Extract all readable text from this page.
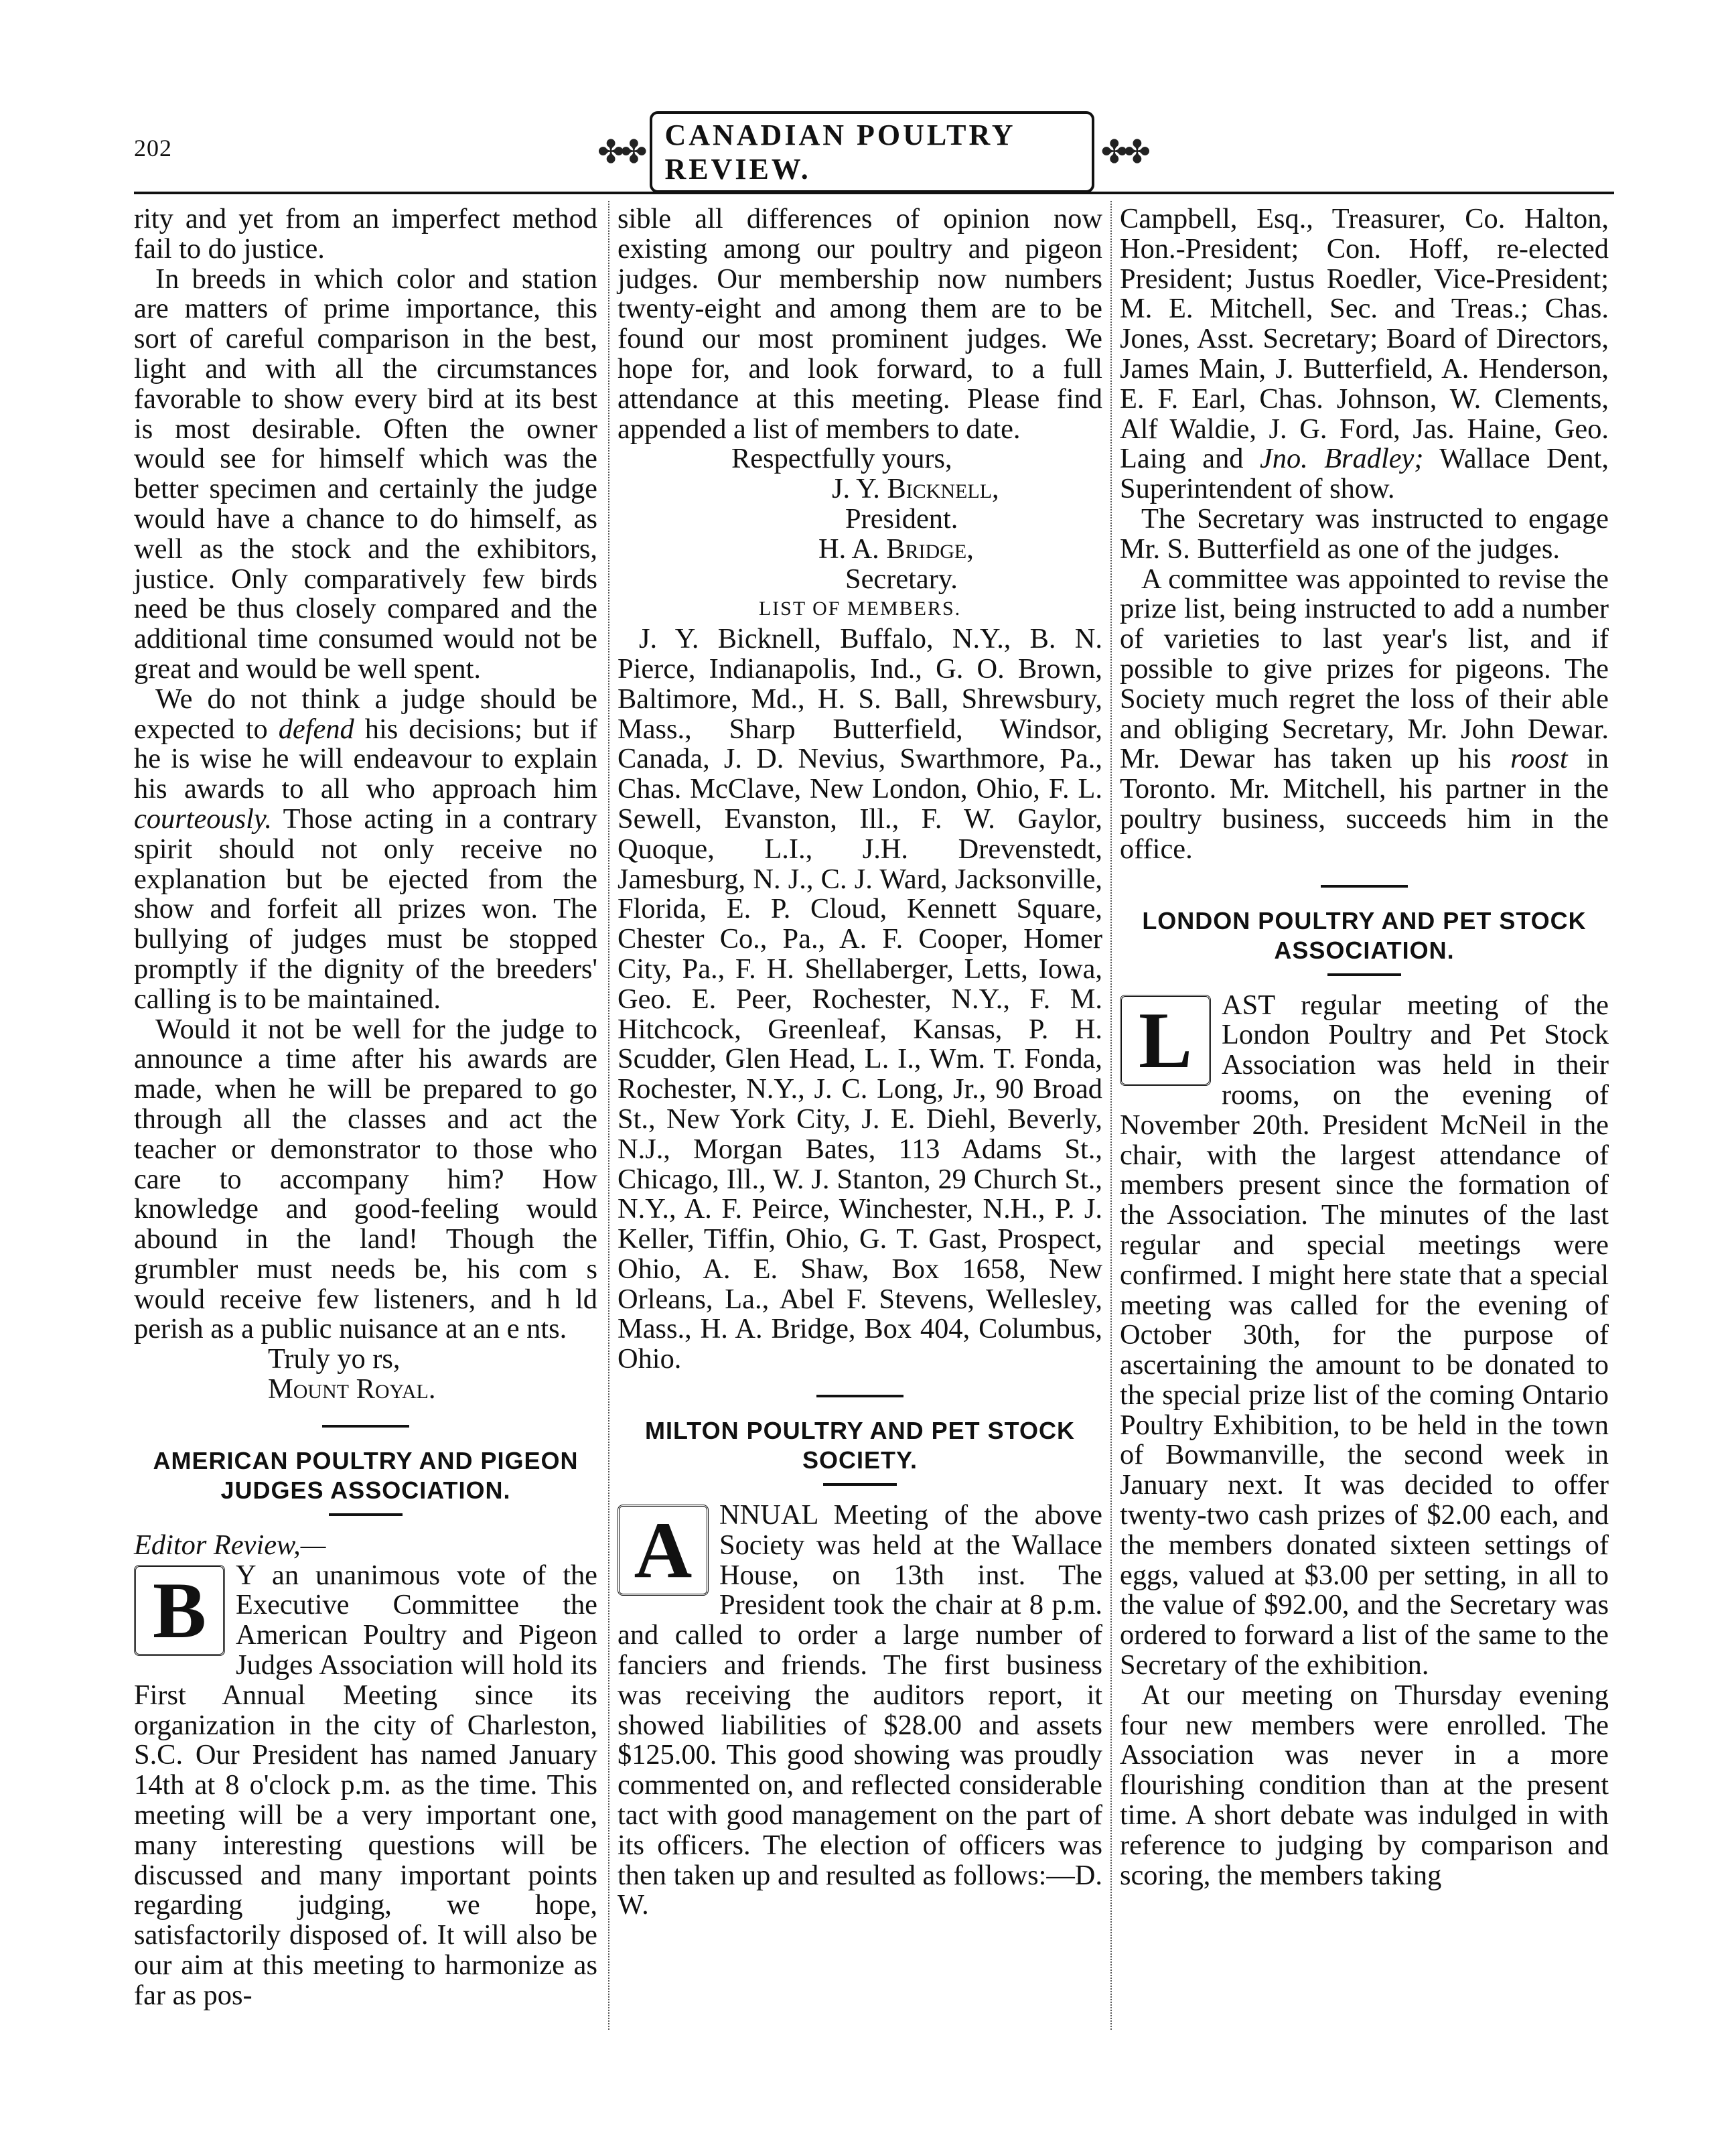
202	✤✤ CANADIAN POULTRY REVIEW.	✤✤

rity and yet from an imperfect method fail to do justice.

In breeds in which color and station are matters of prime importance, this sort of careful comparison in the best, light and with all the circumstances favorable to show every bird at its best is most desirable. Often the owner would see for himself which was the better specimen and certainly the judge would have a chance to do himself, as well as the stock and the exhibitors, justice. Only comparatively few birds need be thus closely compared and the additional time consumed would not be great and would be well spent.

We do not think a judge should be expected to defend his decisions; but if he is wise he will endeavour to explain his awards to all who approach him courteously. Those acting in a contrary spirit should not only receive no explanation but be ejected from the show and forfeit all prizes won. The bullying of judges must be stopped promptly if the dignity of the breeders' calling is to be maintained.

Would it not be well for the judge to announce a time after his awards are made, when he will be prepared to go through all the classes and act the teacher or demonstrator to those who care to accompany him? How knowledge and good-feeling would abound in the land! Though the grumbler must needs be, his com s would receive few listeners, and h ld perish as a public nuisance at an e nts.

Truly yo rs,

Mount Royal.

AMERICAN POULTRY AND PIGEON JUDGES ASSOCIATION.

Editor Review,—

B	Y an unanimous vote of the Executive Committee the American Poultry and Pigeon Judges Association will hold its First Annual Meeting since its organization in the city of Charleston, S.C. Our President has named January 14th at 8 o'clock p.m. as the time. This meeting will be a very important one, many interesting questions will be discussed and many important points regarding judging, we hope, satisfactorily disposed of. It will also be our aim at this meeting to harmonize as far as pos-

sible all differences of opinion now existing among our poultry and pigeon judges. Our membership now numbers twenty-eight and among them are to be found our most prominent judges. We hope for, and look forward, to a full attendance at this meeting. Please find appended a list of members to date.

Respectfully yours,

J. Y. Bicknell,

President.

H. A. Bridge,

Secretary.

LIST OF MEMBERS.

J. Y. Bicknell, Buffalo, N.Y., B. N. Pierce, Indianapolis, Ind., G. O. Brown, Baltimore, Md., H. S. Ball, Shrewsbury, Mass., Sharp Butterfield, Windsor, Canada, J. D. Nevius, Swarthmore, Pa., Chas. McClave, New London, Ohio, F. L. Sewell, Evanston, Ill., F. W. Gaylor, Quoque, L.I., J.H. Drevenstedt, Jamesburg, N. J., C. J. Ward, Jacksonville, Florida, E. P. Cloud, Kennett Square, Chester Co., Pa., A. F. Cooper, Homer City, Pa., F. H. Shellaberger, Letts, Iowa, Geo. E. Peer, Rochester, N.Y., F. M. Hitchcock, Greenleaf, Kansas, P. H. Scudder, Glen Head, L. I., Wm. T. Fonda, Rochester, N.Y., J. C. Long, Jr., 90 Broad St., New York City, J. E. Diehl, Beverly, N.J., Morgan Bates, 113 Adams St., Chicago, Ill., W. J. Stanton, 29 Church St., N.Y., A. F. Peirce, Winchester, N.H., P. J. Keller, Tiffin, Ohio, G. T. Gast, Prospect, Ohio, A. E. Shaw, Box 1658, New Orleans, La., Abel F. Stevens, Wellesley, Mass., H. A. Bridge, Box 404, Columbus, Ohio.

MILTON POULTRY AND PET STOCK SOCIETY.
A NNUAL Meeting of the above Society was held at the Wallace House, on 13th inst. The President took the chair at 8 p.m. and called to order a large number of fanciers and friends. The first business was receiving the auditors report, it showed liabilities of $28.00 and assets $125.00. This good showing was proudly commented on, and reflected considerable tact with good management on the part of its officers. The election of officers was then taken up and resulted as follows:—D. W.

Campbell, Esq., Treasurer, Co. Halton, Hon.-President; Con. Hoff, re-elected President; Justus Roedler, Vice-President; M. E. Mitchell, Sec. and Treas.; Chas. Jones, Asst. Secretary; Board of Directors, James Main, J. Butterfield, A. Henderson, E. F. Earl, Chas. Johnson, W. Clements, Alf Waldie, J. G. Ford, Jas. Haine, Geo. Laing and Jno. Bradley; Wallace Dent, Superintendent of show.

The Secretary was instructed to engage Mr. S. Butterfield as one of the judges.

A committee was appointed to revise the prize list, being instructed to add a number of varieties to last year's list, and if possible to give prizes for pigeons. The Society much regret the loss of their able and obliging Secretary, Mr. John Dewar. Mr. Dewar has taken up his roost in Toronto. Mr. Mitchell, his partner in the poultry business, succeeds him in the office.

LONDON POULTRY AND PET STOCK ASSOCIATION.
L	AST regular meeting of the London Poultry and Pet Stock Association was held in their rooms, on the evening of November 20th. President McNeil in the chair, with the largest attendance of members present since the formation of the Association. The minutes of the last regular and special meetings were confirmed. I might here state that a special meeting was called for the evening of October 30th, for the purpose of ascertaining the amount to be donated to the special prize list of the coming Ontario Poultry Exhibition, to be held in the town of Bowmanville, the second week in January next. It was decided to offer twenty-two cash prizes of $2.00 each, and the members donated sixteen settings of eggs, valued at $3.00 per setting, in all to the value of $92.00, and the Secretary was ordered to forward a list of the same to the Secretary of the exhibition.

At our meeting on Thursday evening four new members were enrolled. The Association was never in a more flourishing condition than at the present time. A short debate was indulged in with reference to judging by comparison and scoring, the members taking
